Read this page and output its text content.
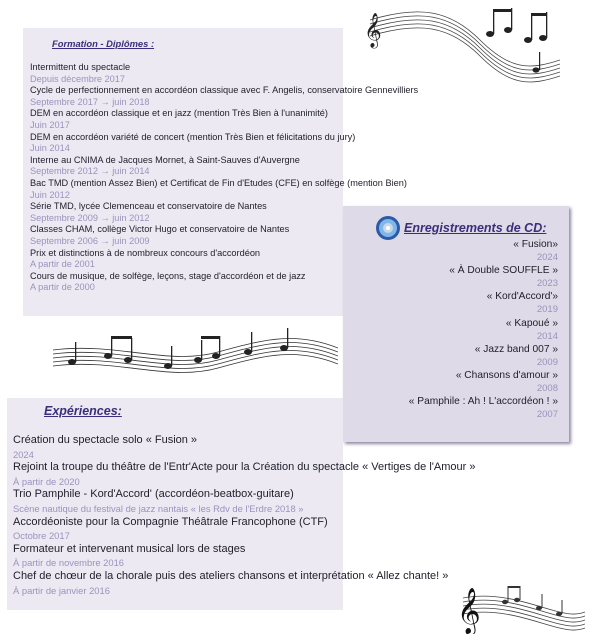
Formation - Diplômes :
Intermittent du spectacle
Depuis décembre 2017
Cycle de perfectionnement en accordéon classique avec F. Angelis, conservatoire Gennevilliers
Septembre 2017 → juin 2018
DEM en accordéon classique et en jazz (mention Très Bien à l'unanimité)
Juin 2017
DEM en accordéon variété de concert (mention Très Bien et félicitations du jury)
Juin 2014
Interne au CNIMA de Jacques Mornet, à Saint-Sauves d'Auvergne
Septembre 2012 → juin 2014
Bac TMD (mention Assez Bien) et Certificat de Fin d'Etudes (CFE) en solfège (mention Bien)
Juin 2012
Série TMD, lycée Clemenceau et conservatoire de Nantes
Septembre 2009 → juin 2012
Classes CHAM, collège Victor Hugo et conservatoire de Nantes
Septembre 2006 → juin 2009
Prix et distinctions à de nombreux concours d'accordéon
A partir de 2001
Cours de musique, de solfège, leçons, stage d'accordéon et de jazz
A partir de 2000
𝄞
Enregistrements de CD:
« Fusion»
2024
« À Double SOUFFLE »
2023
« Kord'Accord'»
2019
« Kapoué »
2014
« Jazz band 007 »
2009
« Chansons d'amour »
2008
« Pamphile : Ah ! L'accordéon ! »
2007
Expériences:
Création du spectacle solo « Fusion »
2024
Rejoint la troupe du théâtre de l'Entr'Acte pour la Création du spectacle « Vertiges de l'Amour »
À partir de 2020
Trio Pamphile - Kord'Accord' (accordéon-beatbox-guitare)
Scène nautique du festival de jazz nantais « les Rdv de l'Erdre 2018 »
Accordéoniste pour la Compagnie Théâtrale Francophone (CTF)
Octobre 2017
Formateur et intervenant musical lors de stages
À partir de novembre 2016
Chef de chœur de la chorale puis des ateliers chansons et interprétation « Allez chante! »
À partir de janvier 2016	𝄞
